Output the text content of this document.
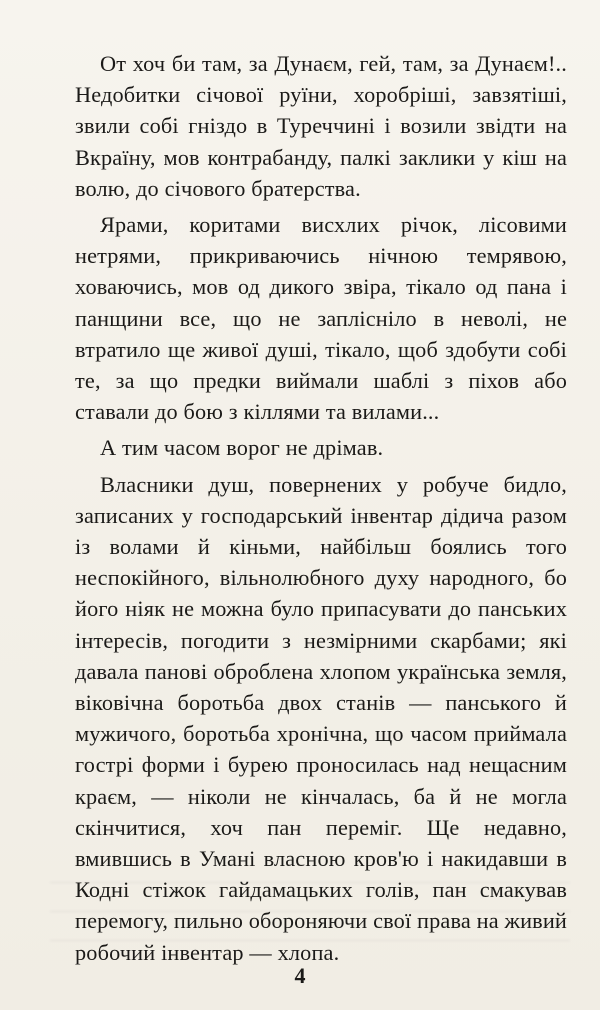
От хоч би там, за Дунаєм, гей, там, за Дунаєм!.. Недобитки січової руїни, хоробріші, завзятіші, звили собі гніздо в Туреччині і возили звідти на Вкраїну, мов контрабанду, палкі заклики у кіш на волю, до січового братерства.

Ярами, коритами висхлих річок, лісовими нетрями, прикриваючись нічною темрявою, ховаючись, мов од дикого звіра, тікало од пана і панщини все, що не заплісніло в неволі, не втратило ще живої душі, тікало, щоб здобути собі те, за що предки виймали шаблі з піхов або ставали до бою з кіллями та вилами...

А тим часом ворог не дрімав.

Власники душ, повернених у робуче бидло, записаних у господарський інвентар дідича разом із волами й кіньми, найбільш боялись того неспокійного, вільнолюбного духу народного, бо його ніяк не можна було припасувати до панських інтересів, погодити з незмірними скарбами; які давала панові оброблена хлопом українська земля, віковічна боротьба двох станів — панського й мужичого, боротьба хронічна, що часом приймала гострі форми і бурею проносилась над нещасним краєм, — ніколи не кінчалась, ба й не могла скінчитися, хоч пан переміг. Ще недавно, вмившись в Умані власною кров'ю і накидавши в Кодні стіжок гайдамацьких голів, пан смакував перемогу, пильно обороняючи свої права на живий робочий інвентар — хлопа.

4
